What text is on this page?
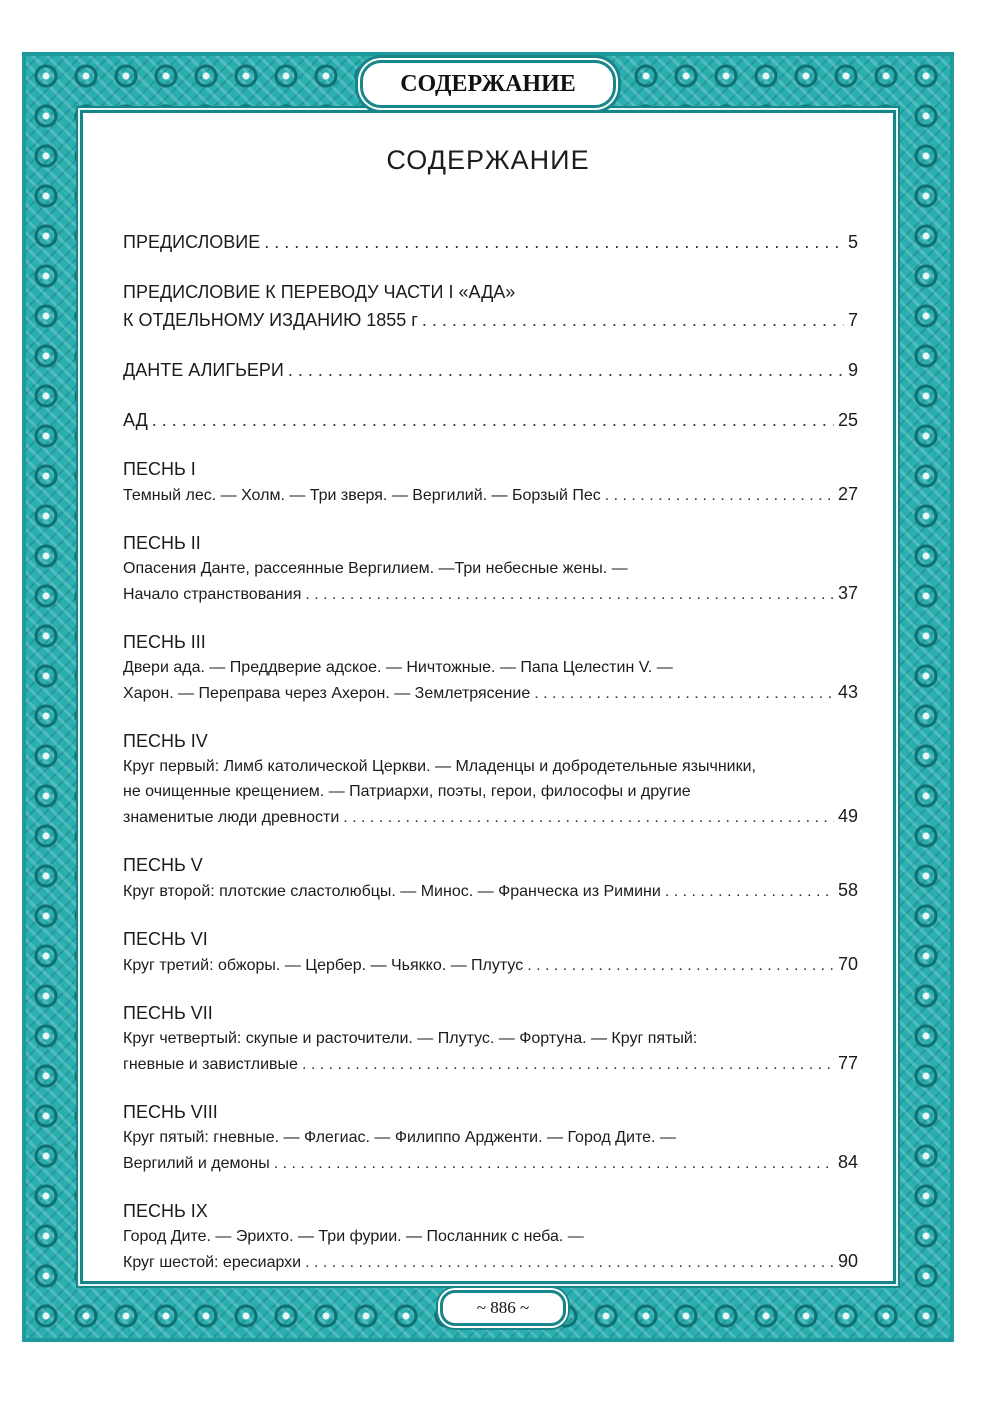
СОДЕРЖАНИЕ
СОДЕРЖАНИЕ
ПРЕДИСЛОВИЕ . . .	5
ПРЕДИСЛОВИЕ К ПЕРЕВОДУ ЧАСТИ I «АДА»
К ОТДЕЛЬНОМУ ИЗДАНИЮ 1855 г . . .	7
ДАНТЕ АЛИГЬЕРИ . . .	9
АД . . .	25
ПЕСНЬ I
Темный лес. — Холм. — Три зверя. — Вергилий. — Борзый Пес . . .	27
ПЕСНЬ II
Опасения Данте, рассеянные Вергилием. —Три небесные жены. —
Начало странствования . . .	37
ПЕСНЬ III
Двери ада. — Преддверие адское. — Ничтожные. — Папа Целестин V. —
Харон. — Переправа через Ахерон. — Землетрясение . . .	43
ПЕСНЬ IV
Круг первый: Лимб католической Церкви. — Младенцы и добродетельные язычники,
не очищенные крещением. — Патриархи, поэты, герои, философы и другие
знаменитые люди древности . . .	49
ПЕСНЬ V
Круг второй: плотские сластолюбцы. — Минос. — Франческа из Римини . . .	58
ПЕСНЬ VI
Круг третий: обжоры. — Цербер. — Чьякко. — Плутус . . .	70
ПЕСНЬ VII
Круг четвертый: скупые и расточители. — Плутус. — Фортуна. — Круг пятый:
гневные и завистливые . . .	77
ПЕСНЬ VIII
Круг пятый: гневные. — Флегиас. — Филиппо Ардженти. — Город Дите. —
Вергилий и демоны . . .	84
ПЕСНЬ IX
Город Дите. — Эрихто. — Три фурии. — Посланник с неба. —
Круг шестой: ересиархи . . .	90
~ 886 ~
